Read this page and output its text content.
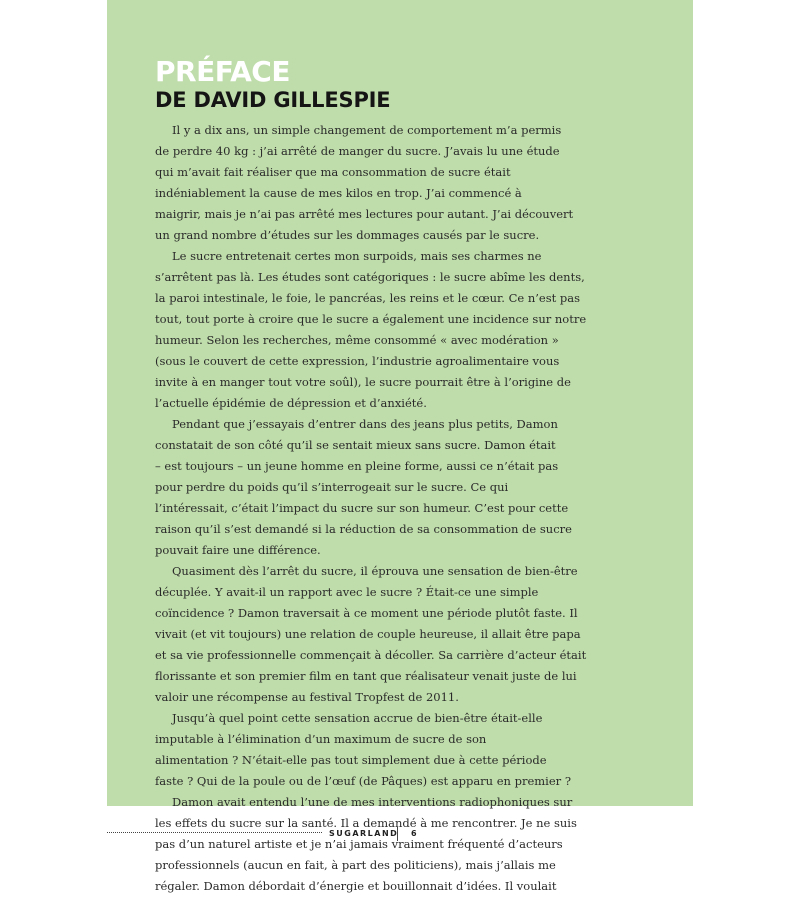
PRÉFACE
DE DAVID GILLESPIE
Il y a dix ans, un simple changement de comportement m’a permis
de perdre 40 kg : j’ai arrêté de manger du sucre. J’avais lu une étude
qui m’avait fait réaliser que ma consommation de sucre était
indéniablement la cause de mes kilos en trop. J’ai commencé à
maigrir, mais je n’ai pas arrêté mes lectures pour autant. J’ai découvert
un grand nombre d’études sur les dommages causés par le sucre.
Le sucre entretenait certes mon surpoids, mais ses charmes ne
s’arrêtent pas là. Les études sont catégoriques : le sucre abîme les dents,
la paroi intestinale, le foie, le pancréas, les reins et le cœur. Ce n’est pas
tout, tout porte à croire que le sucre a également une incidence sur notre
humeur. Selon les recherches, même consommé « avec modération »
(sous le couvert de cette expression, l’industrie agroalimentaire vous
invite à en manger tout votre soûl), le sucre pourrait être à l’origine de
l’actuelle épidémie de dépression et d’anxiété.
Pendant que j’essayais d’entrer dans des jeans plus petits, Damon
constatait de son côté qu’il se sentait mieux sans sucre. Damon était
– est toujours – un jeune homme en pleine forme, aussi ce n’était pas
pour perdre du poids qu’il s’interrogeait sur le sucre. Ce qui
l’intéressait, c’était l’impact du sucre sur son humeur. C’est pour cette
raison qu’il s’est demandé si la réduction de sa consommation de sucre
pouvait faire une différence.
Quasiment dès l’arrêt du sucre, il éprouva une sensation de bien-être
décuplée. Y avait-il un rapport avec le sucre ? Était-ce une simple
coïncidence ? Damon traversait à ce moment une période plutôt faste. Il
vivait (et vit toujours) une relation de couple heureuse, il allait être papa
et sa vie professionnelle commençait à décoller. Sa carrière d’acteur était
florissante et son premier film en tant que réalisateur venait juste de lui
valoir une récompense au festival Tropfest de 2011.
Jusqu’à quel point cette sensation accrue de bien-être était-elle
imputable à l’élimination d’un maximum de sucre de son
alimentation ? N’était-elle pas tout simplement due à cette période
faste ? Qui de la poule ou de l’œuf (de Pâques) est apparu en premier ?
Damon avait entendu l’une de mes interventions radiophoniques sur
les effets du sucre sur la santé. Il a demandé à me rencontrer. Je ne suis
pas d’un naturel artiste et je n’ai jamais vraiment fréquenté d’acteurs
professionnels (aucun en fait, à part des politiciens), mais j’allais me
régaler. Damon débordait d’énergie et bouillonnait d’idées. Il voulait
SUGARLAND 6
